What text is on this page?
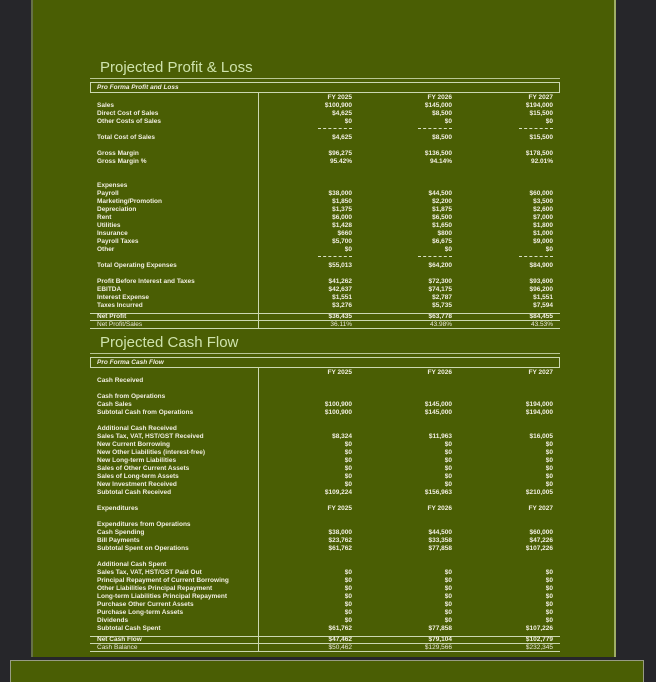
Projected Profit & Loss
Pro Forma Profit and Loss
FY 2025	FY 2026	FY 2027
Sales	$100,900	$145,000	$194,000
Direct Cost of Sales	$4,625	$8,500	$15,500
Other Costs of Sales	$0	$0	$0
Total Cost of Sales	$4,625	$8,500	$15,500
Gross Margin	$96,275	$136,500	$178,500
Gross Margin %	95.42%	94.14%	92.01%
Expenses
Payroll	$38,000	$44,500	$60,000
Marketing/Promotion	$1,850	$2,200	$3,500
Depreciation	$1,375	$1,875	$2,600
Rent	$6,000	$6,500	$7,000
Utilities	$1,428	$1,650	$1,800
Insurance	$660	$800	$1,000
Payroll Taxes	$5,700	$6,675	$9,000
Other	$0	$0	$0
Total Operating Expenses	$55,013	$64,200	$84,900
Profit Before Interest and Taxes	$41,262	$72,300	$93,600
EBITDA	$42,637	$74,175	$96,200
Interest Expense	$1,551	$2,787	$1,551
Taxes Incurred	$3,276	$5,735	$7,594
Net Profit	$36,435	$63,778	$84,455
Net Profit/Sales	36.11%	43.98%	43.53%
Projected Cash Flow
Pro Forma Cash Flow
FY 2025	FY 2026	FY 2027
Cash Received
Cash from Operations
Cash Sales	$100,900	$145,000	$194,000
Subtotal Cash from Operations	$100,900	$145,000	$194,000
Additional Cash Received
Sales Tax, VAT, HST/GST Received	$8,324	$11,963	$16,005
New Current Borrowing	$0	$0	$0
New Other Liabilities (interest-free)	$0	$0	$0
New Long-term Liabilities	$0	$0	$0
Sales of Other Current Assets	$0	$0	$0
Sales of Long-term Assets	$0	$0	$0
New Investment Received	$0	$0	$0
Subtotal Cash Received	$109,224	$156,963	$210,005
Expenditures	FY 2025	FY 2026	FY 2027
Expenditures from Operations
Cash Spending	$38,000	$44,500	$60,000
Bill Payments	$23,762	$33,358	$47,226
Subtotal Spent on Operations	$61,762	$77,858	$107,226
Additional Cash Spent
Sales Tax, VAT, HST/GST Paid Out	$0	$0	$0
Principal Repayment of Current Borrowing	$0	$0	$0
Other Liabilities Principal Repayment	$0	$0	$0
Long-term Liabilities Principal Repayment	$0	$0	$0
Purchase Other Current Assets	$0	$0	$0
Purchase Long-term Assets	$0	$0	$0
Dividends	$0	$0	$0
Subtotal Cash Spent	$61,762	$77,858	$107,226
Net Cash Flow	$47,462	$79,104	$102,779
Cash Balance	$50,462	$129,566	$232,345
